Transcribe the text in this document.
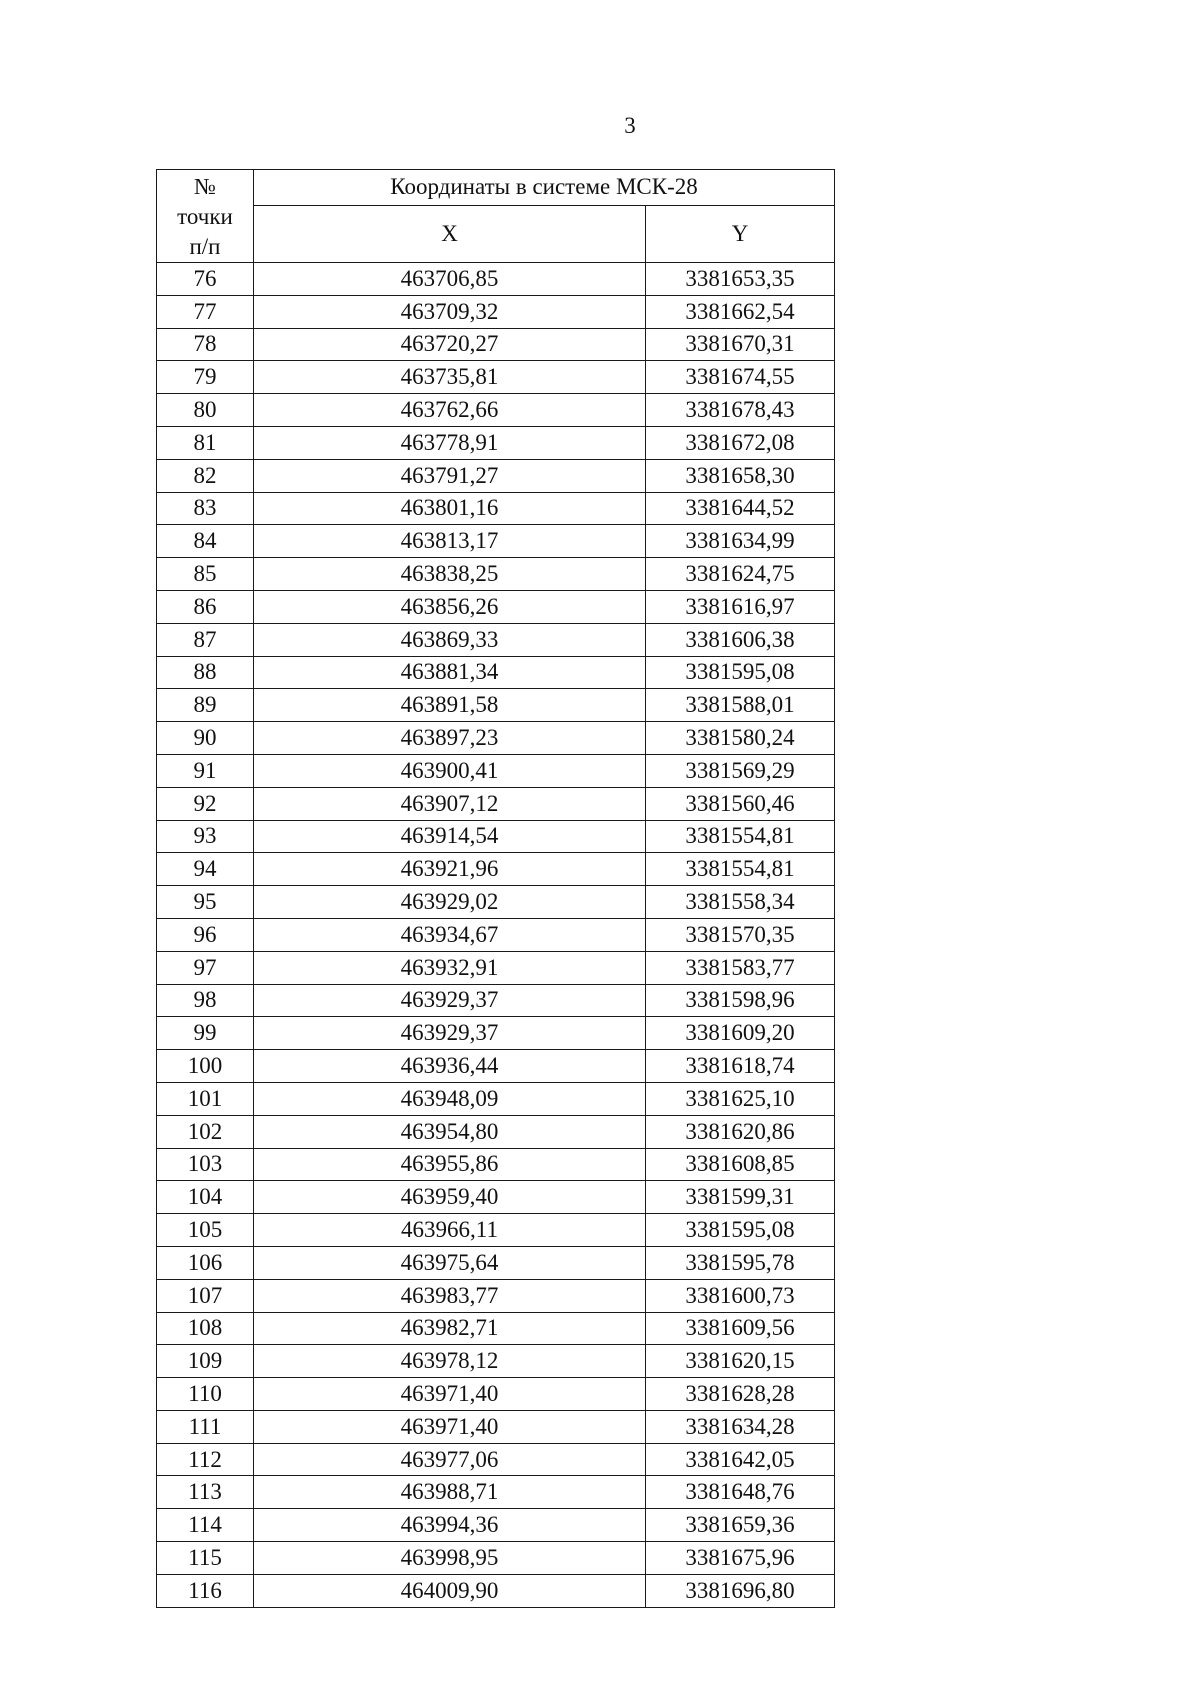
3
№
точки
п/п	Координаты в системе МСК-28	
	X	Y
76	463706,85	3381653,35
77	463709,32	3381662,54
78	463720,27	3381670,31
79	463735,81	3381674,55
80	463762,66	3381678,43
81	463778,91	3381672,08
82	463791,27	3381658,30
83	463801,16	3381644,52
84	463813,17	3381634,99
85	463838,25	3381624,75
86	463856,26	3381616,97
87	463869,33	3381606,38
88	463881,34	3381595,08
89	463891,58	3381588,01
90	463897,23	3381580,24
91	463900,41	3381569,29
92	463907,12	3381560,46
93	463914,54	3381554,81
94	463921,96	3381554,81
95	463929,02	3381558,34
96	463934,67	3381570,35
97	463932,91	3381583,77
98	463929,37	3381598,96
99	463929,37	3381609,20
100	463936,44	3381618,74
101	463948,09	3381625,10
102	463954,80	3381620,86
103	463955,86	3381608,85
104	463959,40	3381599,31
105	463966,11	3381595,08
106	463975,64	3381595,78
107	463983,77	3381600,73
108	463982,71	3381609,56
109	463978,12	3381620,15
110	463971,40	3381628,28
111	463971,40	3381634,28
112	463977,06	3381642,05
113	463988,71	3381648,76
114	463994,36	3381659,36
115	463998,95	3381675,96
116	464009,90	3381696,80
